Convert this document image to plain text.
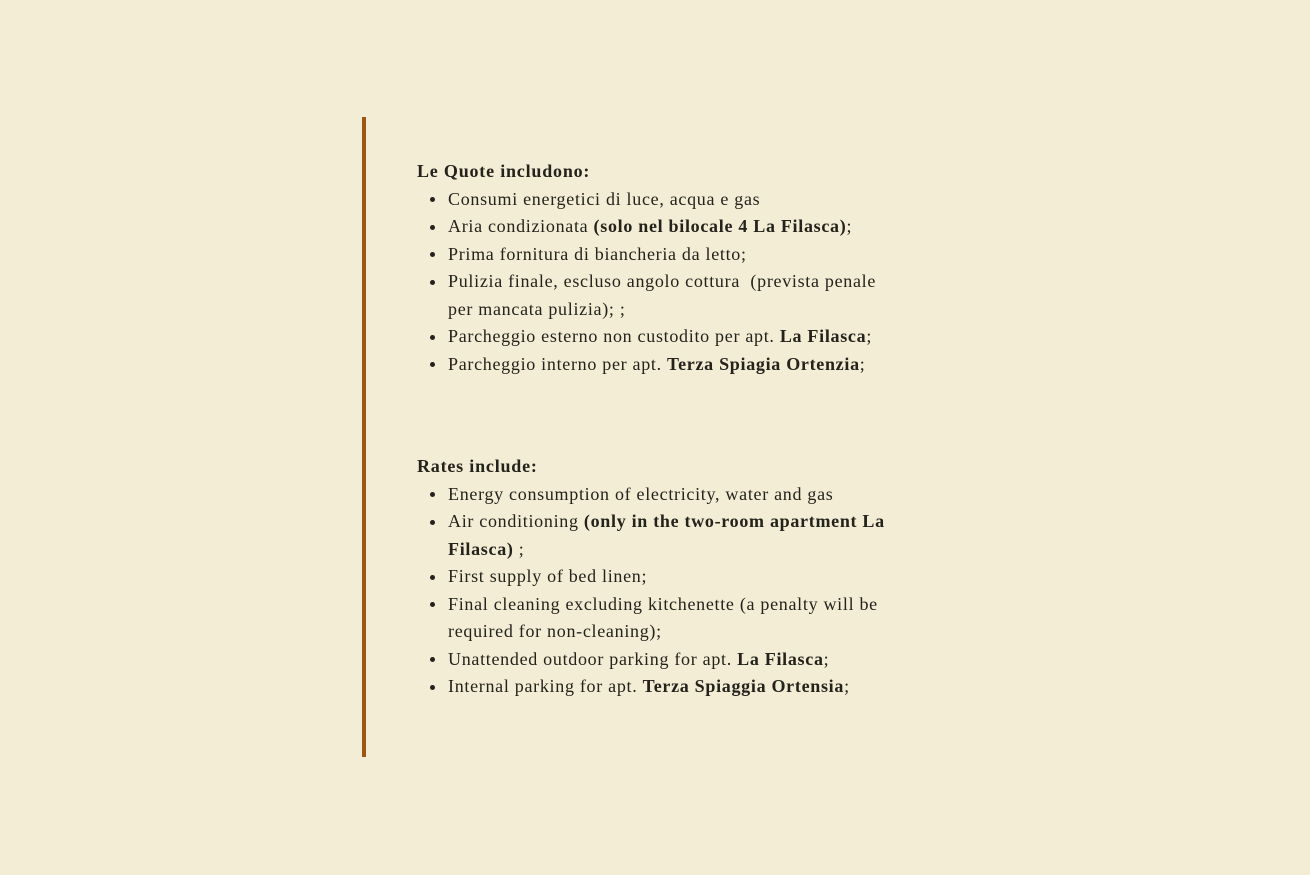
Le Quote includono:
Consumi energetici di luce, acqua e gas
Aria condizionata (solo nel bilocale 4 La Filasca);
Prima fornitura di biancheria da letto;
Pulizia finale, escluso angolo cottura  (prevista penale
per mancata pulizia); ;
Parcheggio esterno non custodito per apt. La Filasca;
Parcheggio interno per apt. Terza Spiagia Ortenzia;
Rates include:
Energy consumption of electricity, water and gas
Air conditioning (only in the two-room apartment La
Filasca) ;
First supply of bed linen;
Final cleaning excluding kitchenette (a penalty will be
required for non-cleaning);
Unattended outdoor parking for apt. La Filasca;
Internal parking for apt. Terza Spiaggia Ortensia;
